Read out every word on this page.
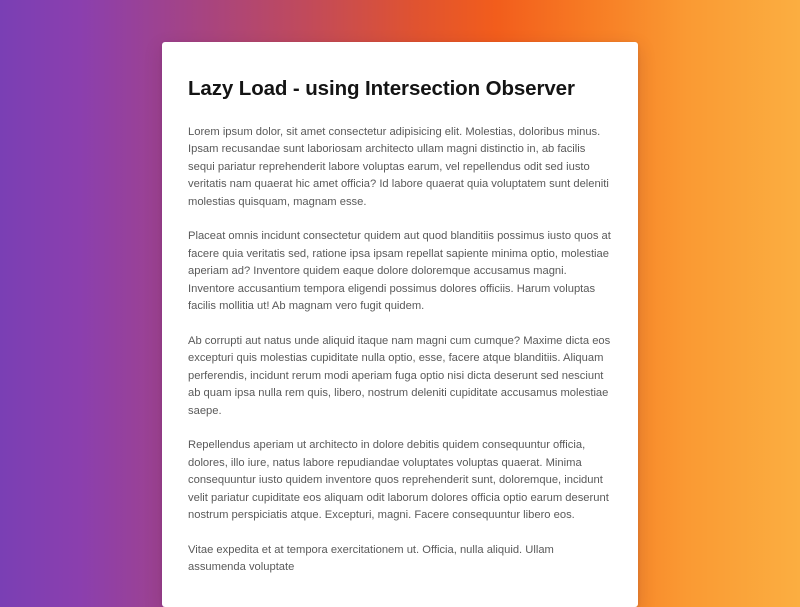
Lazy Load - using Intersection Observer

Lorem ipsum dolor, sit amet consectetur adipisicing elit. Molestias, doloribus minus. Ipsam recusandae sunt laboriosam architecto ullam magni distinctio in, ab facilis sequi pariatur reprehenderit labore voluptas earum, vel repellendus odit sed iusto veritatis nam quaerat hic amet officia? Id labore quaerat quia voluptatem sunt deleniti molestias quisquam, magnam esse.

Placeat omnis incidunt consectetur quidem aut quod blanditiis possimus iusto quos at facere quia veritatis sed, ratione ipsa ipsam repellat sapiente minima optio, molestiae aperiam ad? Inventore quidem eaque dolore doloremque accusamus magni. Inventore accusantium tempora eligendi possimus dolores officiis. Harum voluptas facilis mollitia ut! Ab magnam vero fugit quidem.

Ab corrupti aut natus unde aliquid itaque nam magni cum cumque? Maxime dicta eos excepturi quis molestias cupiditate nulla optio, esse, facere atque blanditiis. Aliquam perferendis, incidunt rerum modi aperiam fuga optio nisi dicta deserunt sed nesciunt ab quam ipsa nulla rem quis, libero, nostrum deleniti cupiditate accusamus molestiae saepe.

Repellendus aperiam ut architecto in dolore debitis quidem consequuntur officia, dolores, illo iure, natus labore repudiandae voluptates voluptas quaerat. Minima consequuntur iusto quidem inventore quos reprehenderit sunt, doloremque, incidunt velit pariatur cupiditate eos aliquam odit laborum dolores officia optio earum deserunt nostrum perspiciatis atque. Excepturi, magni. Facere consequuntur libero eos.

Vitae expedita et at tempora exercitationem ut. Officia, nulla aliquid. Ullam assumenda voluptate
